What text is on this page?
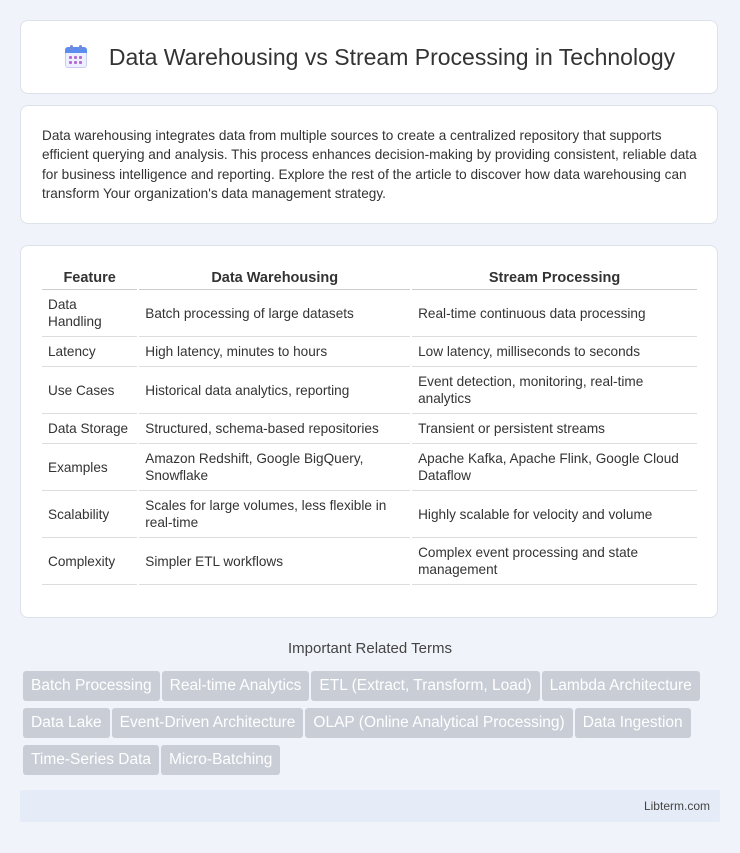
Data Warehousing vs Stream Processing in Technology

Data warehousing integrates data from multiple sources to create a centralized repository that supports efficient querying and analysis. This process enhances decision-making by providing consistent, reliable data for business intelligence and reporting. Explore the rest of the article to discover how data warehousing can transform Your organization's data management strategy.

Feature	Data Warehousing	Stream Processing
Data Handling	Batch processing of large datasets	Real-time continuous data processing
Latency	High latency, minutes to hours	Low latency, milliseconds to seconds
Use Cases	Historical data analytics, reporting	Event detection, monitoring, real-time analytics
Data Storage	Structured, schema-based repositories	Transient or persistent streams
Examples	Amazon Redshift, Google BigQuery, Snowflake	Apache Kafka, Apache Flink, Google Cloud Dataflow
Scalability	Scales for large volumes, less flexible in real-time	Highly scalable for velocity and volume
Complexity	Simpler ETL workflows	Complex event processing and state management
Important Related Terms
Batch Processing Real-time Analytics ETL (Extract, Transform, Load) Lambda ArchitectureData Lake Event-Driven Architecture OLAP (Online Analytical Processing) Data IngestionTime-Series Data Micro-Batching
Libterm.com
